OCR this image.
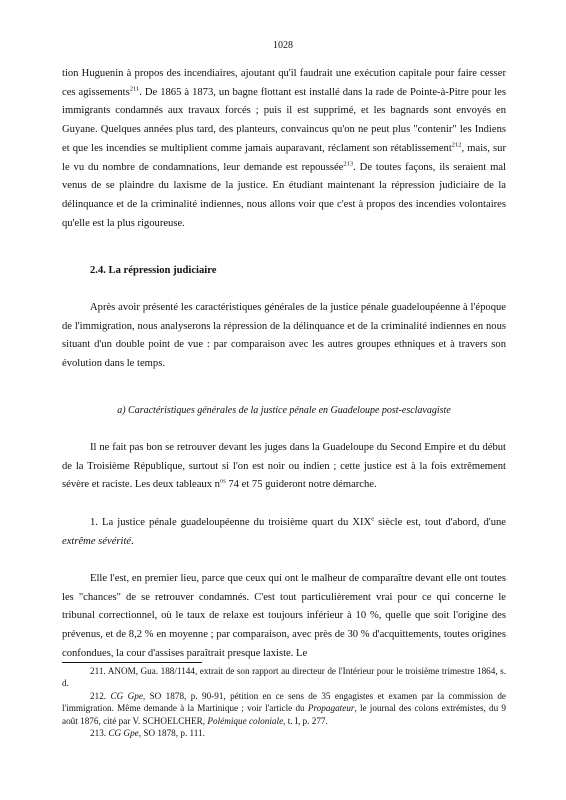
1028

tion Huguenin à propos des incendiaires, ajoutant qu'il faudrait une exécution capitale pour faire cesser ces agissements$^{211}$. De 1865 à 1873, un bagne flottant est installé dans la rade de Pointe-à-Pitre pour les immigrants condamnés aux travaux forcés ; puis il est supprimé, et les bagnards sont envoyés en Guyane. Quelques années plus tard, des planteurs, convaincus qu'on ne peut plus "contenir" les Indiens et que les incendies se multiplient comme jamais auparavant, réclament son rétablissement$^{212}$, mais, sur le vu du nombre de condamnations, leur demande est repoussée$^{213}$. De toutes façons, ils seraient mal venus de se plaindre du laxisme de la justice. En étudiant maintenant la répression judiciaire de la délinquance et de la criminalité indiennes, nous allons voir que c'est à propos des incendies volontaires qu'elle est la plus rigoureuse.

2.4. La répression judiciaire

Après avoir présenté les caractéristiques générales de la justice pénale guadeloupéenne à l'époque de l'immigration, nous analyserons la répression de la délinquance et de la criminalité indiennes en nous situant d'un double point de vue : par comparaison avec les autres groupes ethniques et à travers son évolution dans le temps.

a) Caractéristiques générales de la justice pénale en Guadeloupe post-esclavagiste

Il ne fait pas bon se retrouver devant les juges dans la Guadeloupe du Second Empire et du début de la Troisième République, surtout si l'on est noir ou indien ; cette justice est à la fois extrêmement sévère et raciste. Les deux tableaux $n^{os}$ 74 et 75 guideront notre démarche.

1. La justice pénale guadeloupéenne du troisième quart du XIXe siècle est, tout d'abord, d'une extrême sévérité.

Elle l'est, en premier lieu, parce que ceux qui ont le malheur de comparaître devant elle ont toutes les "chances" de se retrouver condamnés. C'est tout particulièrement vrai pour ce qui concerne le tribunal correctionnel, où le taux de relaxe est toujours inférieur à 10 %, quelle que soit l'origine des prévenus, et de 8,2 % en moyenne ; par comparaison, avec près de 30 % d'acquittements, toutes origines confondues, la cour d'assises paraîtrait presque laxiste. Le

211. ANOM, Gua. 188/1144, extrait de son rapport au directeur de l'Intérieur pour le troisième trimestre 1864, s. d.

212. CG Gpe, SO 1878, p. 90-91, pétition en ce sens de 35 engagistes et examen par la commission de l'immigration. Même demande à la Martinique ; voir l'article du Propagateur, le journal des colons extrémistes, du 9 août 1876, cité par V. SCHOELCHER, Polémique coloniale, t. I, p. 277.

213. CG Gpe, SO 1878, p. 111.
